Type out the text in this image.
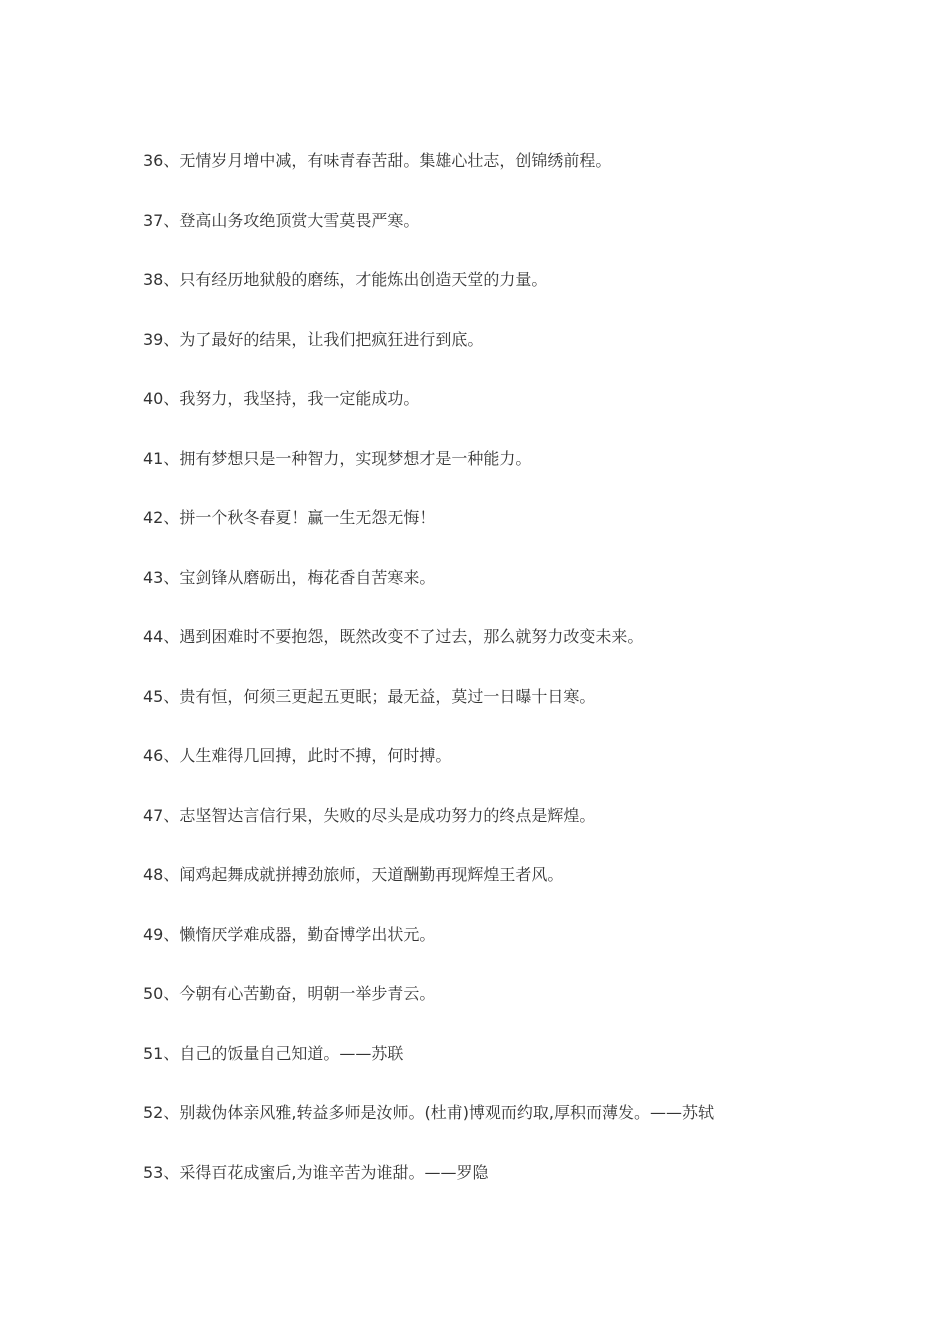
36、无情岁月增中减，有味青春苦甜。集雄心壮志，创锦绣前程。
37、登高山务攻绝顶赏大雪莫畏严寒。
38、只有经历地狱般的磨练，才能炼出创造天堂的力量。
39、为了最好的结果，让我们把疯狂进行到底。
40、我努力，我坚持，我一定能成功。
41、拥有梦想只是一种智力，实现梦想才是一种能力。
42、拼一个秋冬春夏！赢一生无怨无悔！
43、宝剑锋从磨砺出，梅花香自苦寒来。
44、遇到困难时不要抱怨，既然改变不了过去，那么就努力改变未来。
45、贵有恒，何须三更起五更眠；最无益，莫过一日曝十日寒。
46、人生难得几回搏，此时不搏，何时搏。
47、志坚智达言信行果，失败的尽头是成功努力的终点是辉煌。
48、闻鸡起舞成就拼搏劲旅师，天道酬勤再现辉煌王者风。
49、懒惰厌学难成器，勤奋博学出状元。
50、今朝有心苦勤奋，明朝一举步青云。
51、自己的饭量自己知道。——苏联
52、别裁伪体亲风雅,转益多师是汝师。(杜甫)博观而约取,厚积而薄发。——苏轼
53、采得百花成蜜后,为谁辛苦为谁甜。——罗隐
